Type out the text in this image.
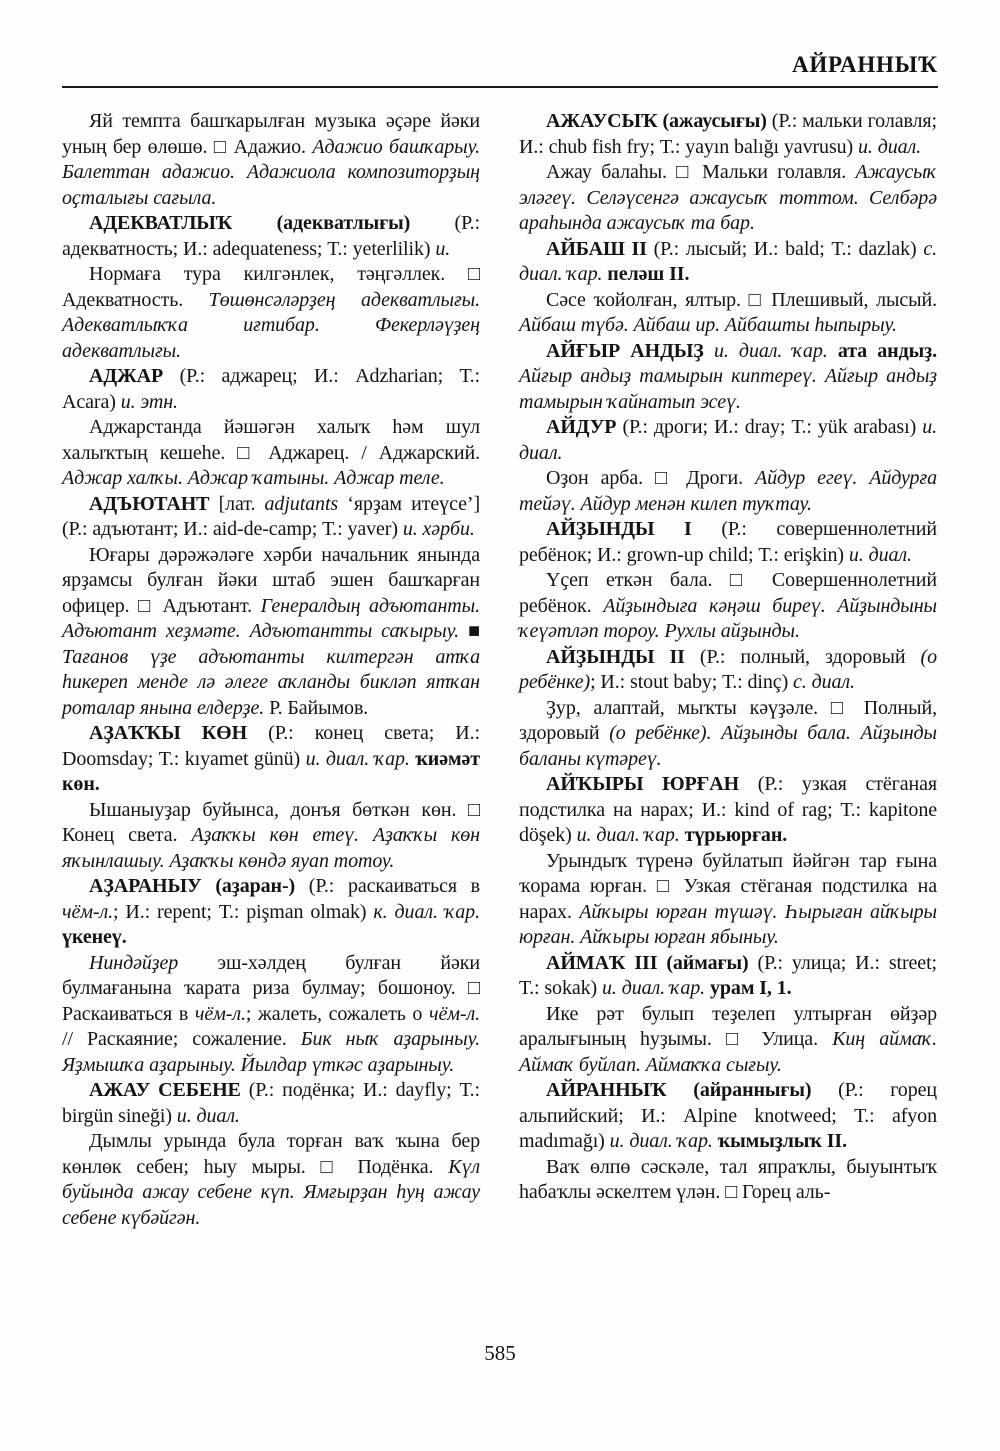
АЙРАННЫҠ

Яй темпта башҡарылған музыка әҫәре йәки уның бер өлөшө. □ Адажио. Адажио башҡарыу. Балеттан адажио. Адажиола композиторҙың оҫталығы сағыла.

АДЕКВАТЛЫҠ (адекватлығы) (Р.: адекватность; И.: adequateness; Т.: yeterlilik) и.

Нормаға тура килгәнлек, тәңгәллек. □ Адекватность. Төшөнсәләрҙең адекватлығы. Адекватлыҡҡа иғтибар. Фекерләүҙең адекватлығы.

АДЖАР (Р.: аджарец; И.: Adzharian; Т.: Acara) и. этн.

Аджарстанда йәшәгән халыҡ һәм шул халыҡтың кешеһе. □ Аджарец. / Аджарский. Аджар халҡы. Аджар ҡатыны. Аджар теле.

АДЪЮТАНТ [лат. adjutants ‘ярҙам итеүсе’] (Р.: адъютант; И.: aid-de-camp; Т.: yaver) и. хәрби.

Юғары дәрәжәләге хәрби начальник янында ярҙамсы булған йәки штаб эшен башҡарған офицер. □ Адъютант. Генералдың адъютанты. Адъютант хеҙмәте. Адъютантты саҡырыу. ■ Тағанов үҙе адъютанты килтергән атҡа һикереп менде лә әлеге аҡланды бикләп ятҡан роталар янына елдерҙе. Р. Байымов.

АҘАҠҠЫ КӨН (Р.: конец света; И.: Doomsday; Т.: kıyamet günü) и. диал. ҡар. ҡиәмәт көн.

Ышаныуҙар буйынса, донъя бөткән көн. □ Конец света. Аҙаҡҡы көн етеү. Аҙаҡҡы көн яҡынлашыу. Аҙаҡҡы көндә яуап тотоу.

АҘАРАНЫУ (аҙаран-) (Р.: раскаиваться в чём-л.; И.: repent; Т.: pişman olmak) к. диал. ҡар. үкенеү.

Ниндәйҙер эш-хәлдең булған йәки булмағанына ҡарата риза булмау; бошоноу. □ Раскаиваться в чём-л.; жалеть, сожалеть о чём-л. // Раскаяние; сожаление. Бик ныҡ аҙарыныу. Яҙмышҡа аҙарыныу. Йылдар үткәс аҙарыныу.

АЖАУ СЕБЕНЕ (Р.: подёнка; И.: dayfly; Т.: birgün sineği) и. диал.

Дымлы урында була торған ваҡ ҡына бер көнлөк себен; һыу мыры. □ Подёнка. Күл буйында ажау себене күп. Ямғырҙан һуң ажау себене күбәйгән.

АЖАУСЫҠ (ажаусығы) (Р.: мальки голавля; И.: chub fish fry; Т.: yayın balığı yavrusu) и. диал.

Ажау балаһы. □ Мальки голавля. Ажаусыҡ эләгеү. Селәүсенгә ажаусыҡ тоттом. Селбәрә араһында ажаусыҡ та бар.

АЙБАШ II (Р.: лысый; И.: bald; Т.: dazlak) с. диал. ҡар. пеләш II.

Сәсе ҡойолған, ялтыр. □ Плешивый, лысый. Айбаш түбә. Айбаш ир. Айбашты һыпырыу.

АЙҒЫР АНДЫҘ и. диал. ҡар. ата андыҙ. Айғыр андыҙ тамырын киптереү. Айғыр андыҙ тамырын ҡайнатып эсеү.

АЙДУР (Р.: дроги; И.: dray; Т.: yük arabası) и. диал.

Оҙон арба. □ Дроги. Айдур егеү. Айдурға тейәү. Айдур менән килеп туҡтау.

АЙҘЫНДЫ I (Р.: совершеннолетний ребёнок; И.: grown-up child; Т.: erişkin) и. диал.

Үҫеп еткән бала. □ Совершеннолетний ребёнок. Айҙындыға кәңәш биреү. Айҙындыны ҡеүәтләп тороу. Рухлы айҙынды.

АЙҘЫНДЫ II (Р.: полный, здоровый (о ребёнке); И.: stout baby; Т.: dinç) с. диал.

Ҙур, алаптай, мыҡты кәүҙәле. □ Полный, здоровый (о ребёнке). Айҙынды бала. Айҙынды баланы күтәреү.

АЙҠЫРЫ ЮРҒАН (Р.: узкая стёганая подстилка на нарах; И.: kind of rag; Т.: kapitone döşek) и. диал. ҡар. түрьюрған.

Урындыҡ түренә буйлатып йәйгән тар ғына ҡорама юрған. □ Узкая стёганая подстилка на нарах. Айҡыры юрған түшәү. Һырыған айҡыры юрған. Айҡыры юрған ябыныу.

АЙМАҠ III (аймағы) (Р.: улица; И.: street; Т.: sokak) и. диал. ҡар. урам I, 1.

Ике рәт булып теҙелеп ултырған өйҙәр аралығының һуҙымы. □ Улица. Киң аймаҡ. Аймаҡ буйлап. Аймаҡҡа сығыу.

АЙРАННЫҠ (айраннығы) (Р.: горец альпийский; И.: Alpine knotweed; Т.: afyon madımağı) и. диал. ҡар. ҡымыҙлыҡ II.

Ваҡ өлпө сәскәле, тал япраҡлы, быуынтыҡ һабаҡлы әскелтем үлән. □ Горец аль-

585
